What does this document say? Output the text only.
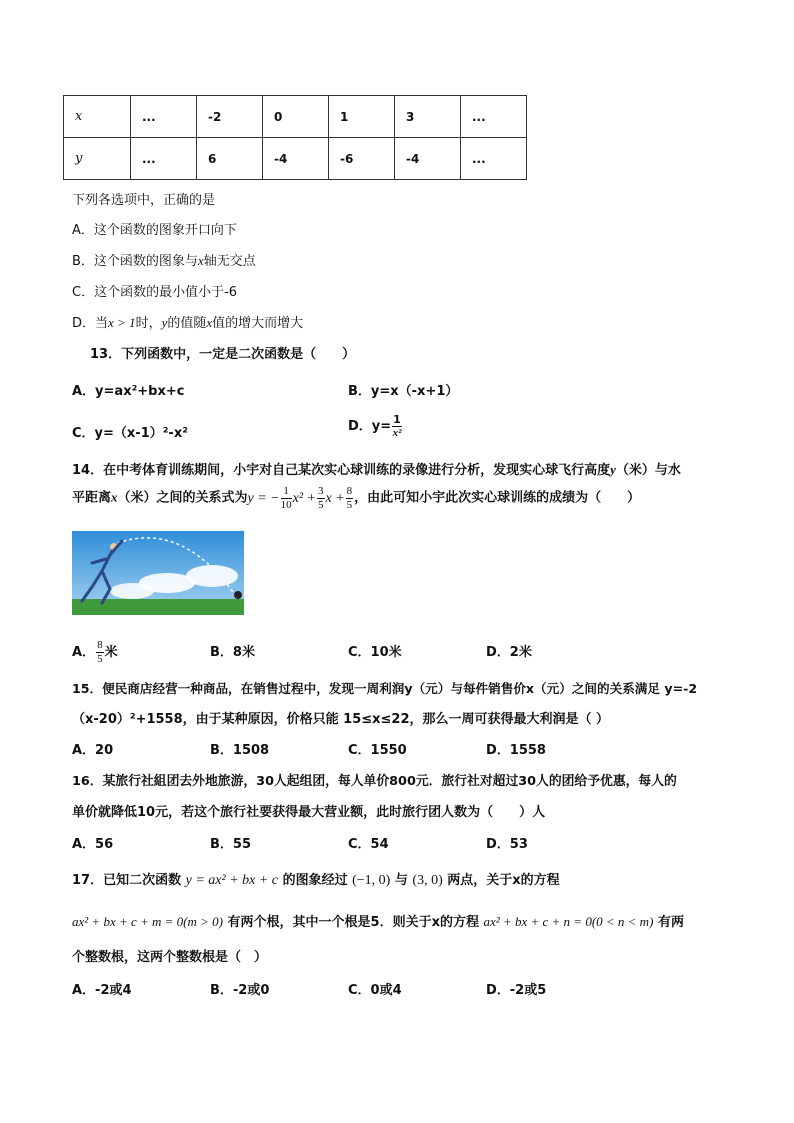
x	...	-2	0	1	3	...
y	...	6	-4	-6	-4	...
下列各选项中，正确的是
A．这个函数的图象开口向下
B．这个函数的图象与x轴无交点
C．这个函数的最小值小于-6
D．当x > 1时，y的值随x值的增大而增大
13．下列函数中，一定是二次函数是（　　）
A．y=ax²+bx+c	B．y=x（-x+1）
C．y=（x-1）²-x²	D．$y= \frac{1}{\text{x²}}$
14．在中考体育训练期间，小宇对自己某次实心球训练的录像进行分析，发现实心球飞行高度y（米）与水
平距离x（米）之间的关系式为y = − $\frac{1}{10} x^2 + \frac{3}{5}$ $x + \frac{8}{5}$ ，由此可知小宇此次实心球训练的成绩为（　　）
A． $\frac{8}{5}$ 米	B．8米	C．10米	D．2米
15．便民商店经营一种商品，在销售过程中，发现一周利润y（元）与每件销售价x（元）之间的关系满足 y=-2
（x-20）²+1558，由于某种原因，价格只能 15≤x≤22，那么一周可获得最大利润是（ ）
A．20	B．1508	C．1550	D．1558
16．某旅行社組团去外地旅游，30人起组团，每人单价800元．旅行社对超过30人的团给予优惠，每人的
单价就降低10元，若这个旅行社要获得最大营业额，此时旅行团人数为（　　）人
A．56	B．55	C．54	D．53
17．已知二次函数 y = ax² + bx + c 的图象经过 (−1, 0) 与 (3, 0) 两点，关于x的方程
ax² + bx + c + m = 0(m > 0) 有两个根，其中一个根是5．则关于x的方程 ax² + bx + c + n = 0(0 < n < m) 有两
个整数根，这两个整数根是（　）
A．-2或4	B．-2或0	C．0或4	D．-2或5
